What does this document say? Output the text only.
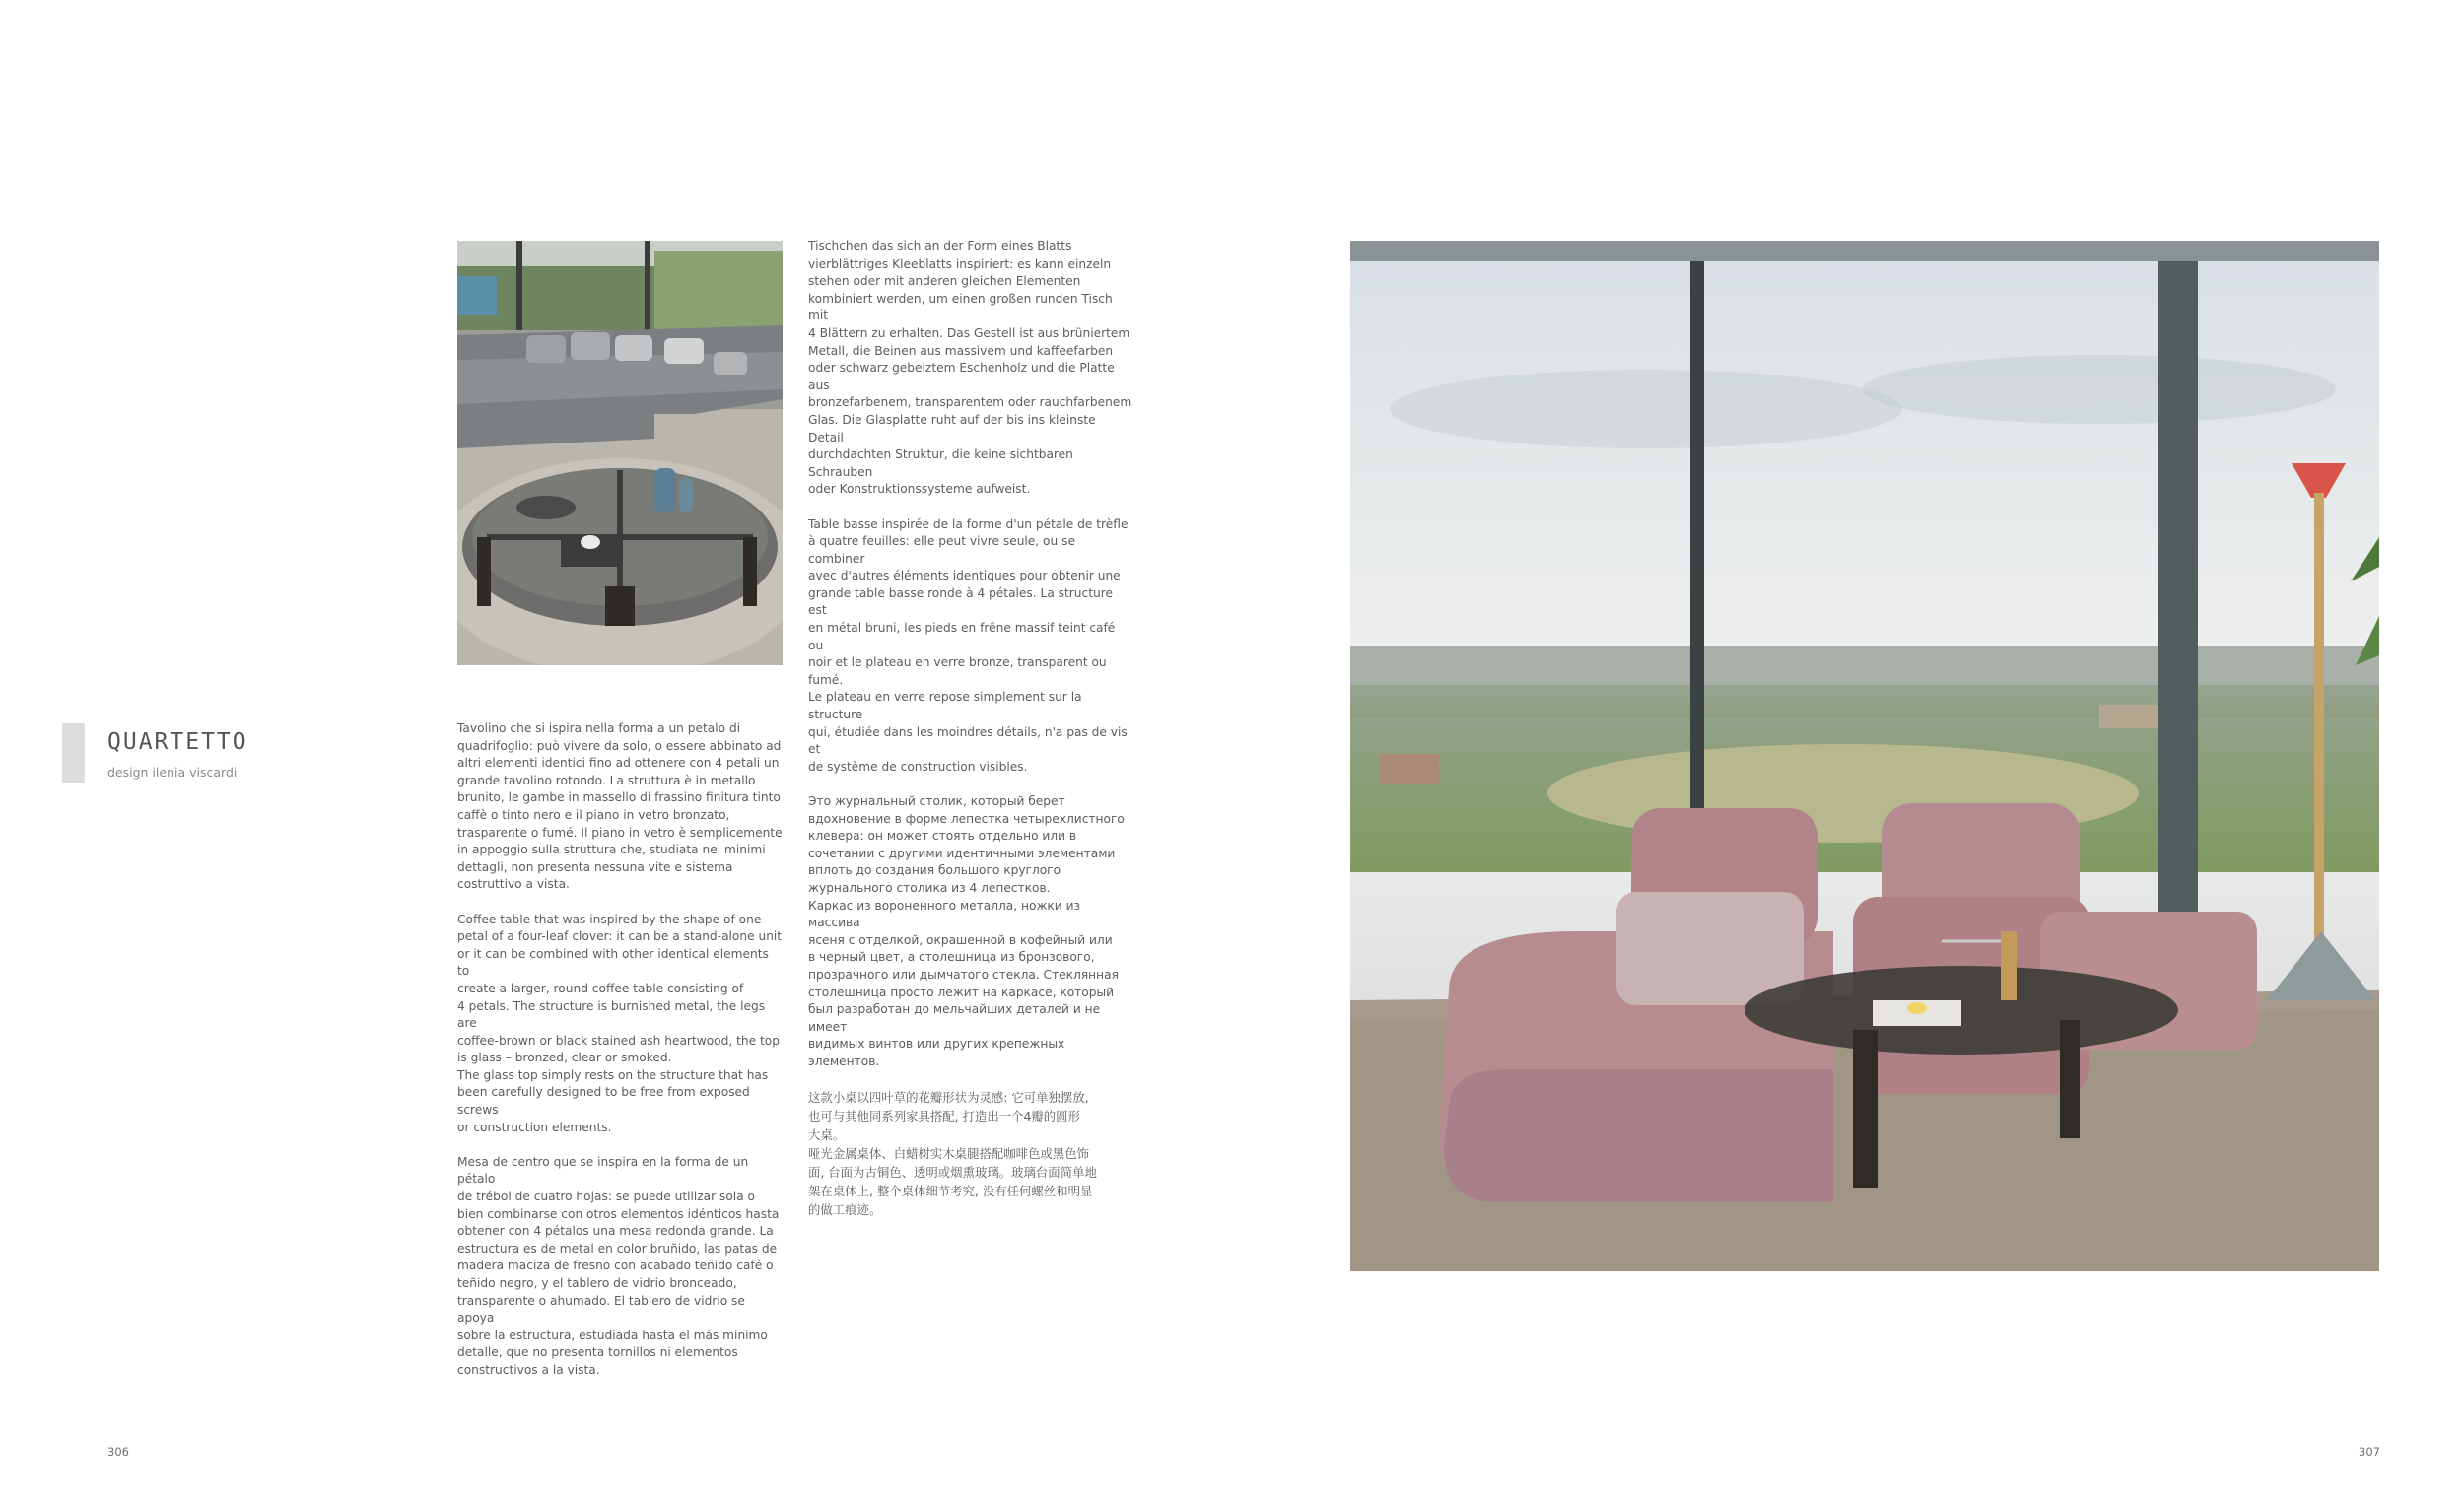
QUARTETTO
design ilenia viscardi

Tavolino che si ispira nella forma a un petalo di
quadrifoglio: può vivere da solo, o essere abbinato ad
altri elementi identici fino ad ottenere con 4 petali un
grande tavolino rotondo. La struttura è in metallo
brunito, le gambe in massello di frassino finitura tinto
caffè o tinto nero e il piano in vetro bronzato,
trasparente o fumé. Il piano in vetro è semplicemente
in appoggio sulla struttura che, studiata nei minimi
dettagli, non presenta nessuna vite e sistema
costruttivo a vista.

Coffee table that was inspired by the shape of one
petal of a four-leaf clover: it can be a stand-alone unit
or it can be combined with other identical elements to
create a larger, round coffee table consisting of
4 petals. The structure is burnished metal, the legs are
coffee-brown or black stained ash heartwood, the top
is glass – bronzed, clear or smoked.
The glass top simply rests on the structure that has
been carefully designed to be free from exposed screws
or construction elements.

Mesa de centro que se inspira en la forma de un pétalo
de trébol de cuatro hojas: se puede utilizar sola o
bien combinarse con otros elementos idénticos hasta
obtener con 4 pétalos una mesa redonda grande. La
estructura es de metal en color bruñido, las patas de
madera maciza de fresno con acabado teñido café o
teñido negro, y el tablero de vidrio bronceado,
transparente o ahumado. El tablero de vidrio se apoya
sobre la estructura, estudiada hasta el más mínimo
detalle, que no presenta tornillos ni elementos
constructivos a la vista.

Tischchen das sich an der Form eines Blatts
vierblättriges Kleeblatts inspiriert: es kann einzeln
stehen oder mit anderen gleichen Elementen
kombiniert werden, um einen großen runden Tisch mit
4 Blättern zu erhalten. Das Gestell ist aus brüniertem
Metall, die Beinen aus massivem und kaffeefarben
oder schwarz gebeiztem Eschenholz und die Platte aus
bronzefarbenem, transparentem oder rauchfarbenem
Glas. Die Glasplatte ruht auf der bis ins kleinste Detail
durchdachten Struktur, die keine sichtbaren Schrauben
oder Konstruktionssysteme aufweist.

Table basse inspirée de la forme d'un pétale de trèfle
à quatre feuilles: elle peut vivre seule, ou se combiner
avec d'autres éléments identiques pour obtenir une
grande table basse ronde à 4 pétales. La structure est
en métal bruni, les pieds en frêne massif teint café ou
noir et le plateau en verre bronze, transparent ou fumé.
Le plateau en verre repose simplement sur la structure
qui, étudiée dans les moindres détails, n'a pas de vis et
de système de construction visibles.

Это журнальный столик, который берет
вдохновение в форме лепестка четырехлистного
клевера: он может стоять отдельно или в
сочетании с другими идентичными элементами
вплоть до создания большого круглого
журнального столика из 4 лепестков.
Каркас из вороненного металла, ножки из массива
ясеня с отделкой, окрашенной в кофейный или
в черный цвет, а столешница из бронзового,
прозрачного или дымчатого стекла. Стеклянная
столешница просто лежит на каркасе, который
был разработан до мельчайших деталей и не имеет
видимых винтов или других крепежных элементов.

这款小桌以四叶草的花瓣形状为灵感: 它可单独摆放,
也可与其他同系列家具搭配, 打造出一个4瓣的圆形
大桌。
哑光金属桌体、白蜡树实木桌腿搭配咖啡色或黑色饰
面, 台面为古铜色、透明或烟熏玻璃。玻璃台面简单地
架在桌体上, 整个桌体细节考究, 没有任何螺丝和明显
的做工痕迹。

306	307
